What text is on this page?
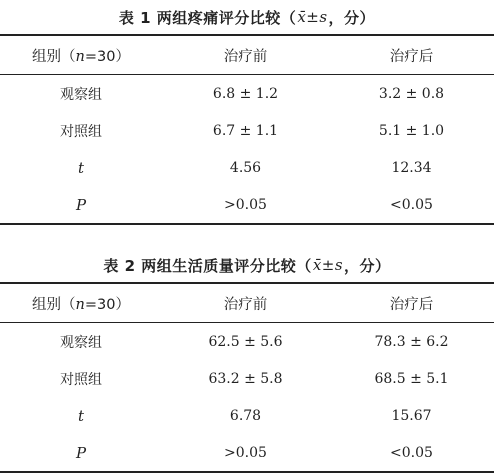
表 1 两组疼痛评分比较（ x̄±s ，分）
组别（n=30）	治疗前	治疗后
观察组	6.8 ± 1.2	3.2 ± 0.8
对照组	6.7 ± 1.1	5.1 ± 1.0
t	4.56	12.34
P	>0.05	<0.05
表 2 两组生活质量评分比较（ x̄±s ，分）
组别（n=30）	治疗前	治疗后
观察组	62.5 ± 5.6	78.3 ± 6.2
对照组	63.2 ± 5.8	68.5 ± 5.1
t	6.78	15.67
P	>0.05	<0.05
